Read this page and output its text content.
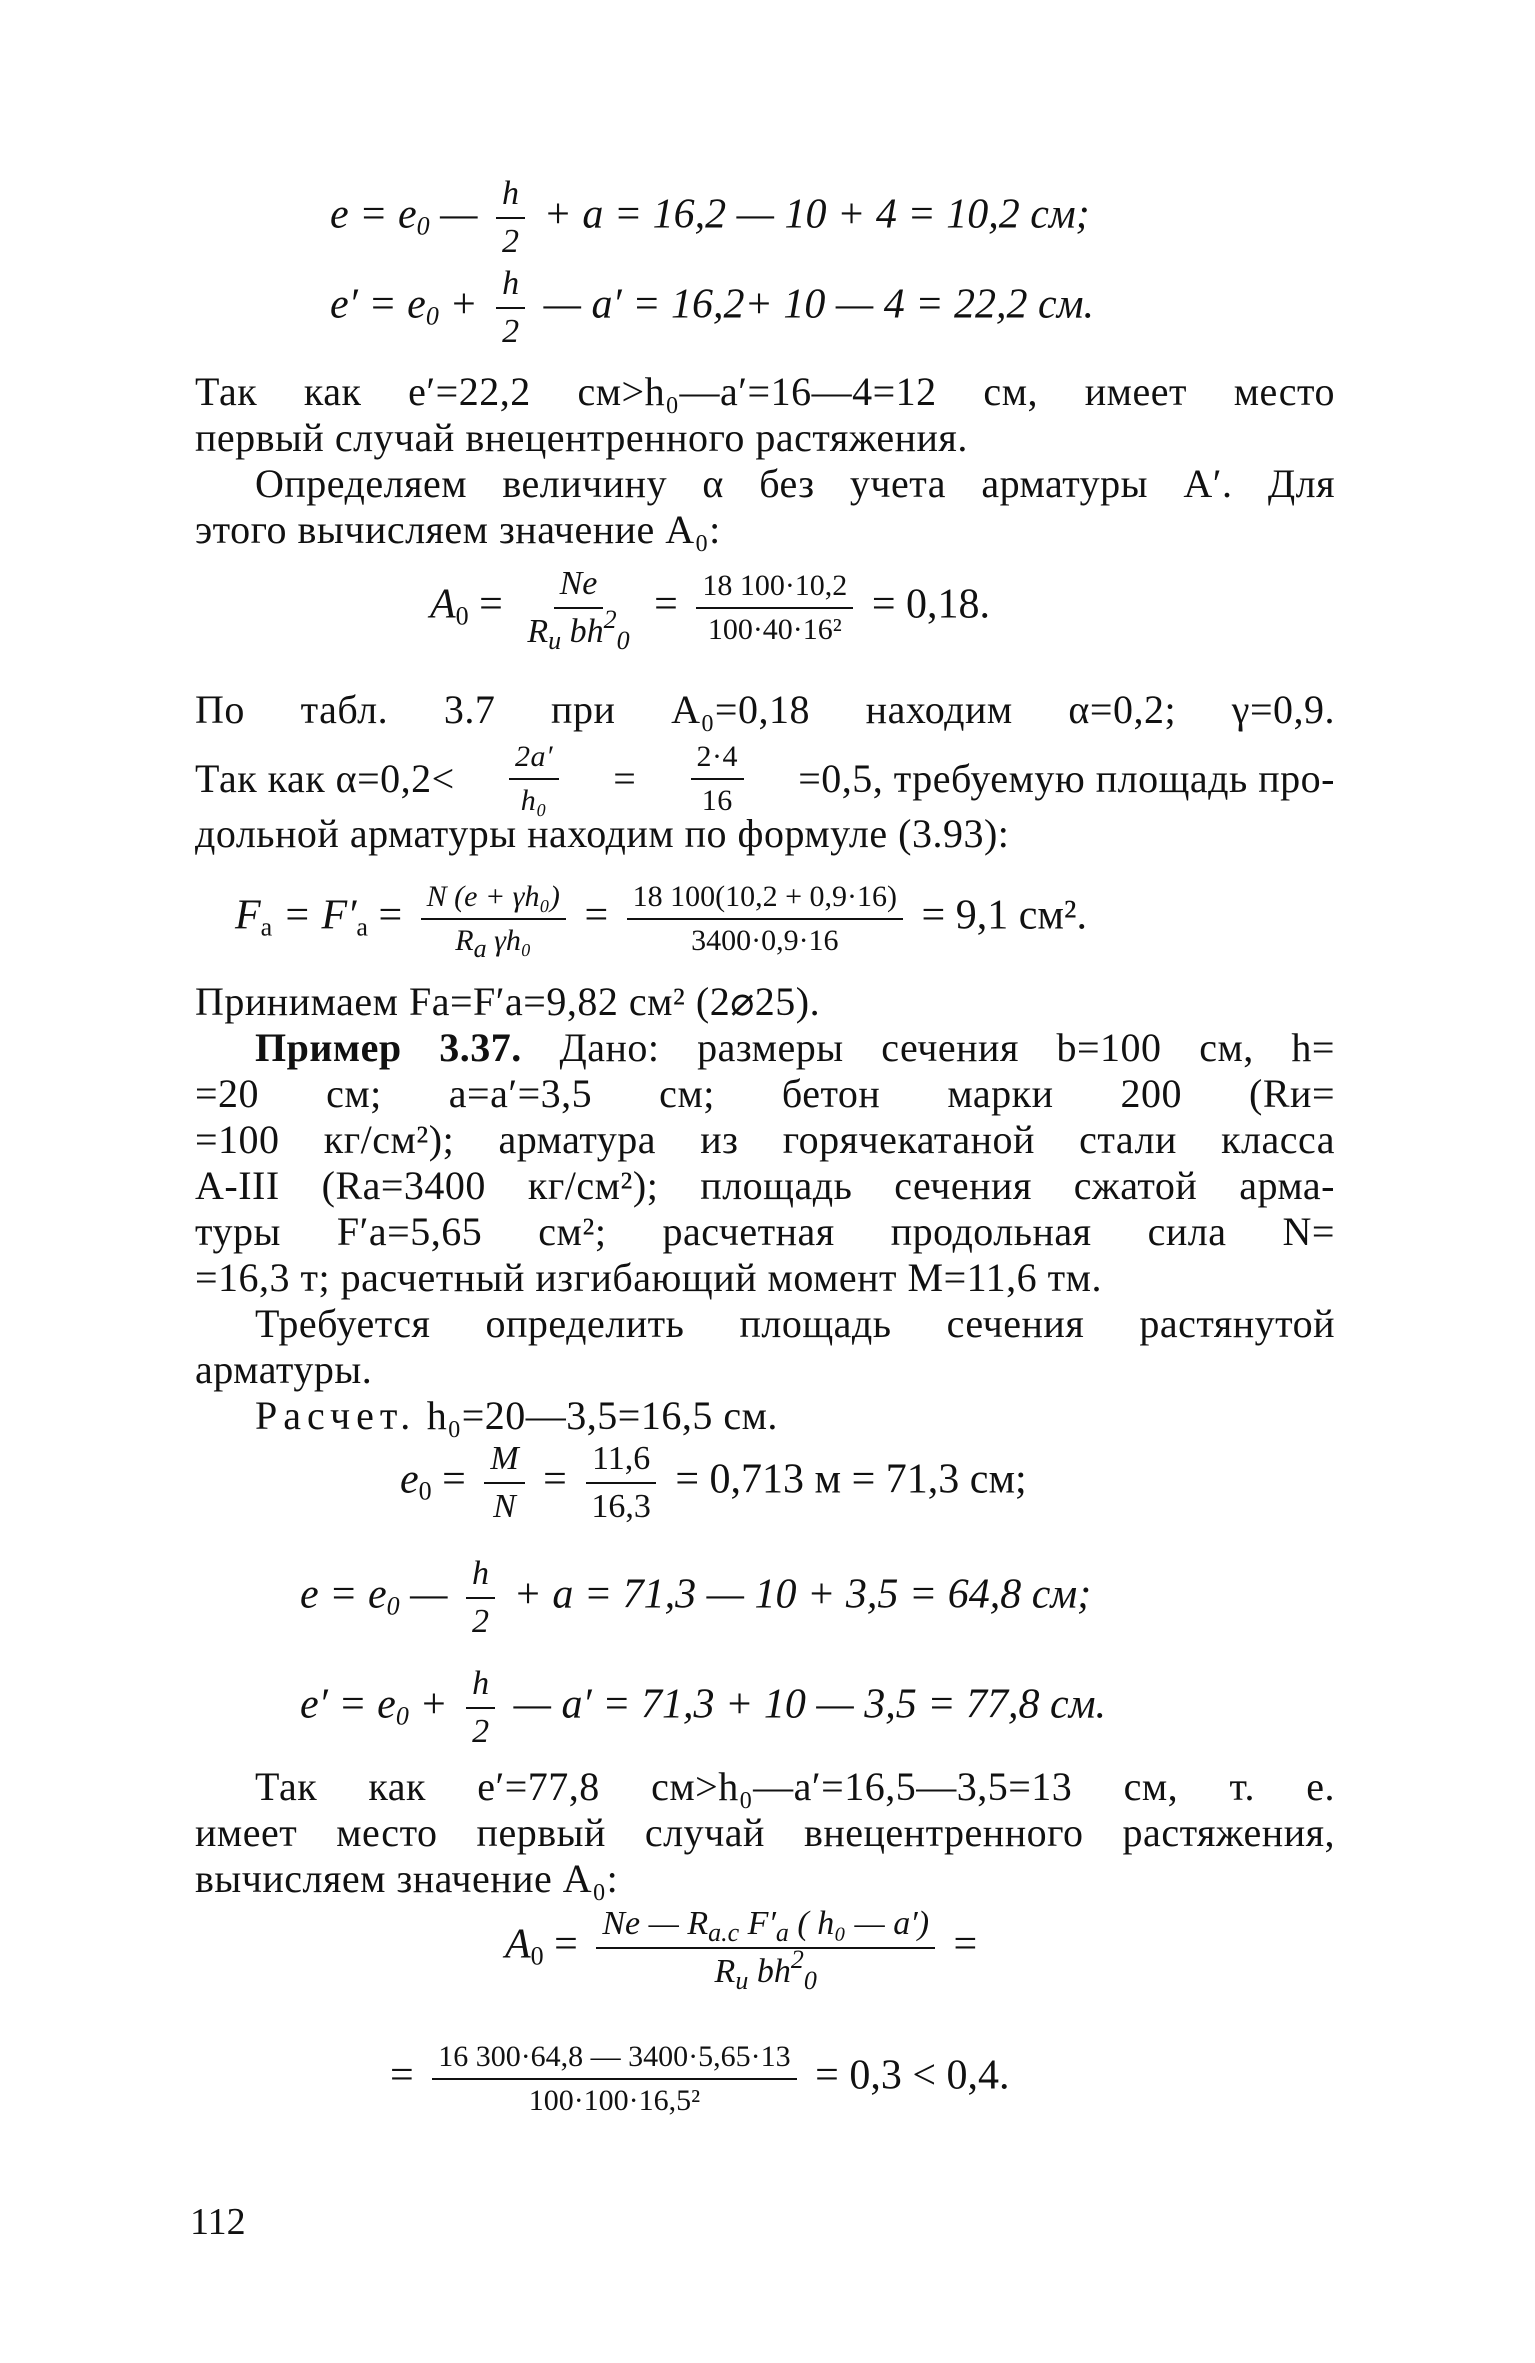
$e = e_0$ — $\frac{h}{2} + a = 16,2$ — 10 + 4 = 10,2 см;
$e' = e_0 + \frac{h}{2}$ — a′ = 16,2+ 10 — 4 = 22,2 см.
Так как e′=22,2 см>h₀—a′=16—4=12 см, имеет место
первый случай внецентренного растяжения.
Определяем величину α без учета арматуры A′. Для
этого вычисляем значение A₀:
$A_0 = \frac{Ne}{R_и bh^2_0} = \frac{18 100\cdot 10,2}{\text{100·40·16²}} = 0,18$.
По табл. 3.7 при A₀=0,18 находим α=0,2; γ=0,9.
Так как $\alpha=0,2< \frac{2a'}{\text{h₀}} = \frac{2\cdot 4}{16} =0,5$, требуемую площадь про-
дольной арматуры находим по формуле (3.93):
$F_а = F'_а = \frac{\text{N (e + γh₀)}}{R_а \gamma h_0} = \frac{18 100(10,2 + 0,9\cdot 16)}{3400\cdot 0,9\cdot 16} = 9,1$ см².
Принимаем Fа=F′а=9,82 см² (2⌀25).
Пример 3.37. Дано: размеры сечения b=100 см, h=
=20 см; a=a′=3,5 см; бетон марки 200 (Rи=
=100 кг/см²); арматура из горячекатаной стали класса
A-III (Rа=3400 кг/см²); площадь сечения сжатой арма-
туры F′а=5,65 см²; расчетная продольная сила N=
=16,3 т; расчетный изгибающий момент M=11,6 тм.
Требуется определить площадь сечения растянутой
арматуры.
Расчет. h₀=20—3,5=16,5 см.
$e_0 = \frac{M}{N} = \frac{11,6}{16,3} = 0,713$ м = 71,3 см;
$e = e_0$ — $\frac{h}{2} + a = 71,3$ — 10 + 3,5 = 64,8 см;
$e' = e_0 + \frac{h}{2}$ — a′ = 71,3 + 10 — 3,5 = 77,8 см.
Так как e′=77,8 см>h₀—a′=16,5—3,5=13 см, т. е.
имеет место первый случай внецентренного растяжения,
вычисляем значение A₀:
$A_0 = \frac{Ne — R_{а.с} F'_а ( h_0 — a')}{R_и bh^2_0}$ =
= $\frac{16 300\cdot 64,8 — 3400\cdot 5,65\cdot 13}{\text{100·100·16,5²}} = 0,3 < 0,4$.
112
